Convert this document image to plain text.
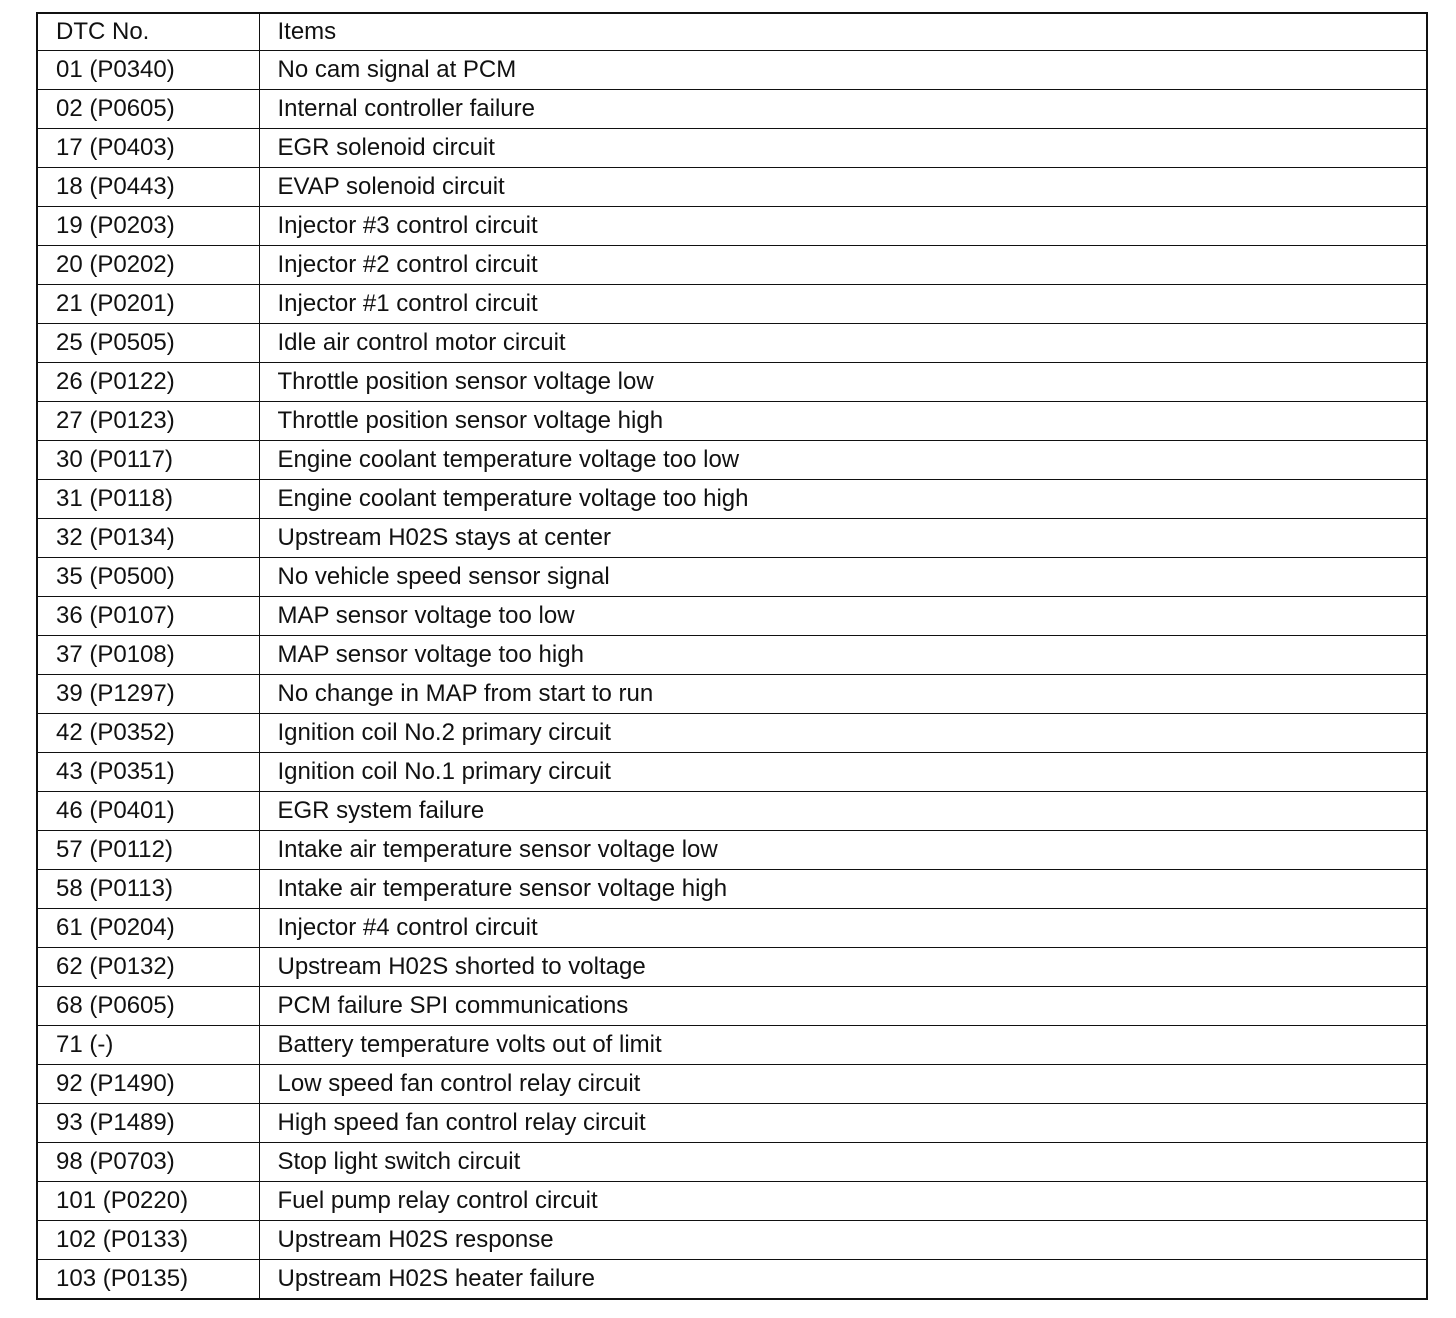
DTC No.	Items
01 (P0340)	No cam signal at PCM
02 (P0605)	Internal controller failure
17 (P0403)	EGR solenoid circuit
18 (P0443)	EVAP solenoid circuit
19 (P0203)	Injector #3 control circuit
20 (P0202)	Injector #2 control circuit
21 (P0201)	Injector #1 control circuit
25 (P0505)	Idle air control motor circuit
26 (P0122)	Throttle position sensor voltage low
27 (P0123)	Throttle position sensor voltage high
30 (P0117)	Engine coolant temperature voltage too low
31 (P0118)	Engine coolant temperature voltage too high
32 (P0134)	Upstream H02S stays at center
35 (P0500)	No vehicle speed sensor signal
36 (P0107)	MAP sensor voltage too low
37 (P0108)	MAP sensor voltage too high
39 (P1297)	No change in MAP from start to run
42 (P0352)	Ignition coil No.2 primary circuit
43 (P0351)	Ignition coil No.1 primary circuit
46 (P0401)	EGR system failure
57 (P0112)	Intake air temperature sensor voltage low
58 (P0113)	Intake air temperature sensor voltage high
61 (P0204)	Injector #4 control circuit
62 (P0132)	Upstream H02S shorted to voltage
68 (P0605)	PCM failure SPI communications
71 (-)	Battery temperature volts out of limit
92 (P1490)	Low speed fan control relay circuit
93 (P1489)	High speed fan control relay circuit
98 (P0703)	Stop light switch circuit
101 (P0220)	Fuel pump relay control circuit
102 (P0133)	Upstream H02S response
103 (P0135)	Upstream H02S heater failure
